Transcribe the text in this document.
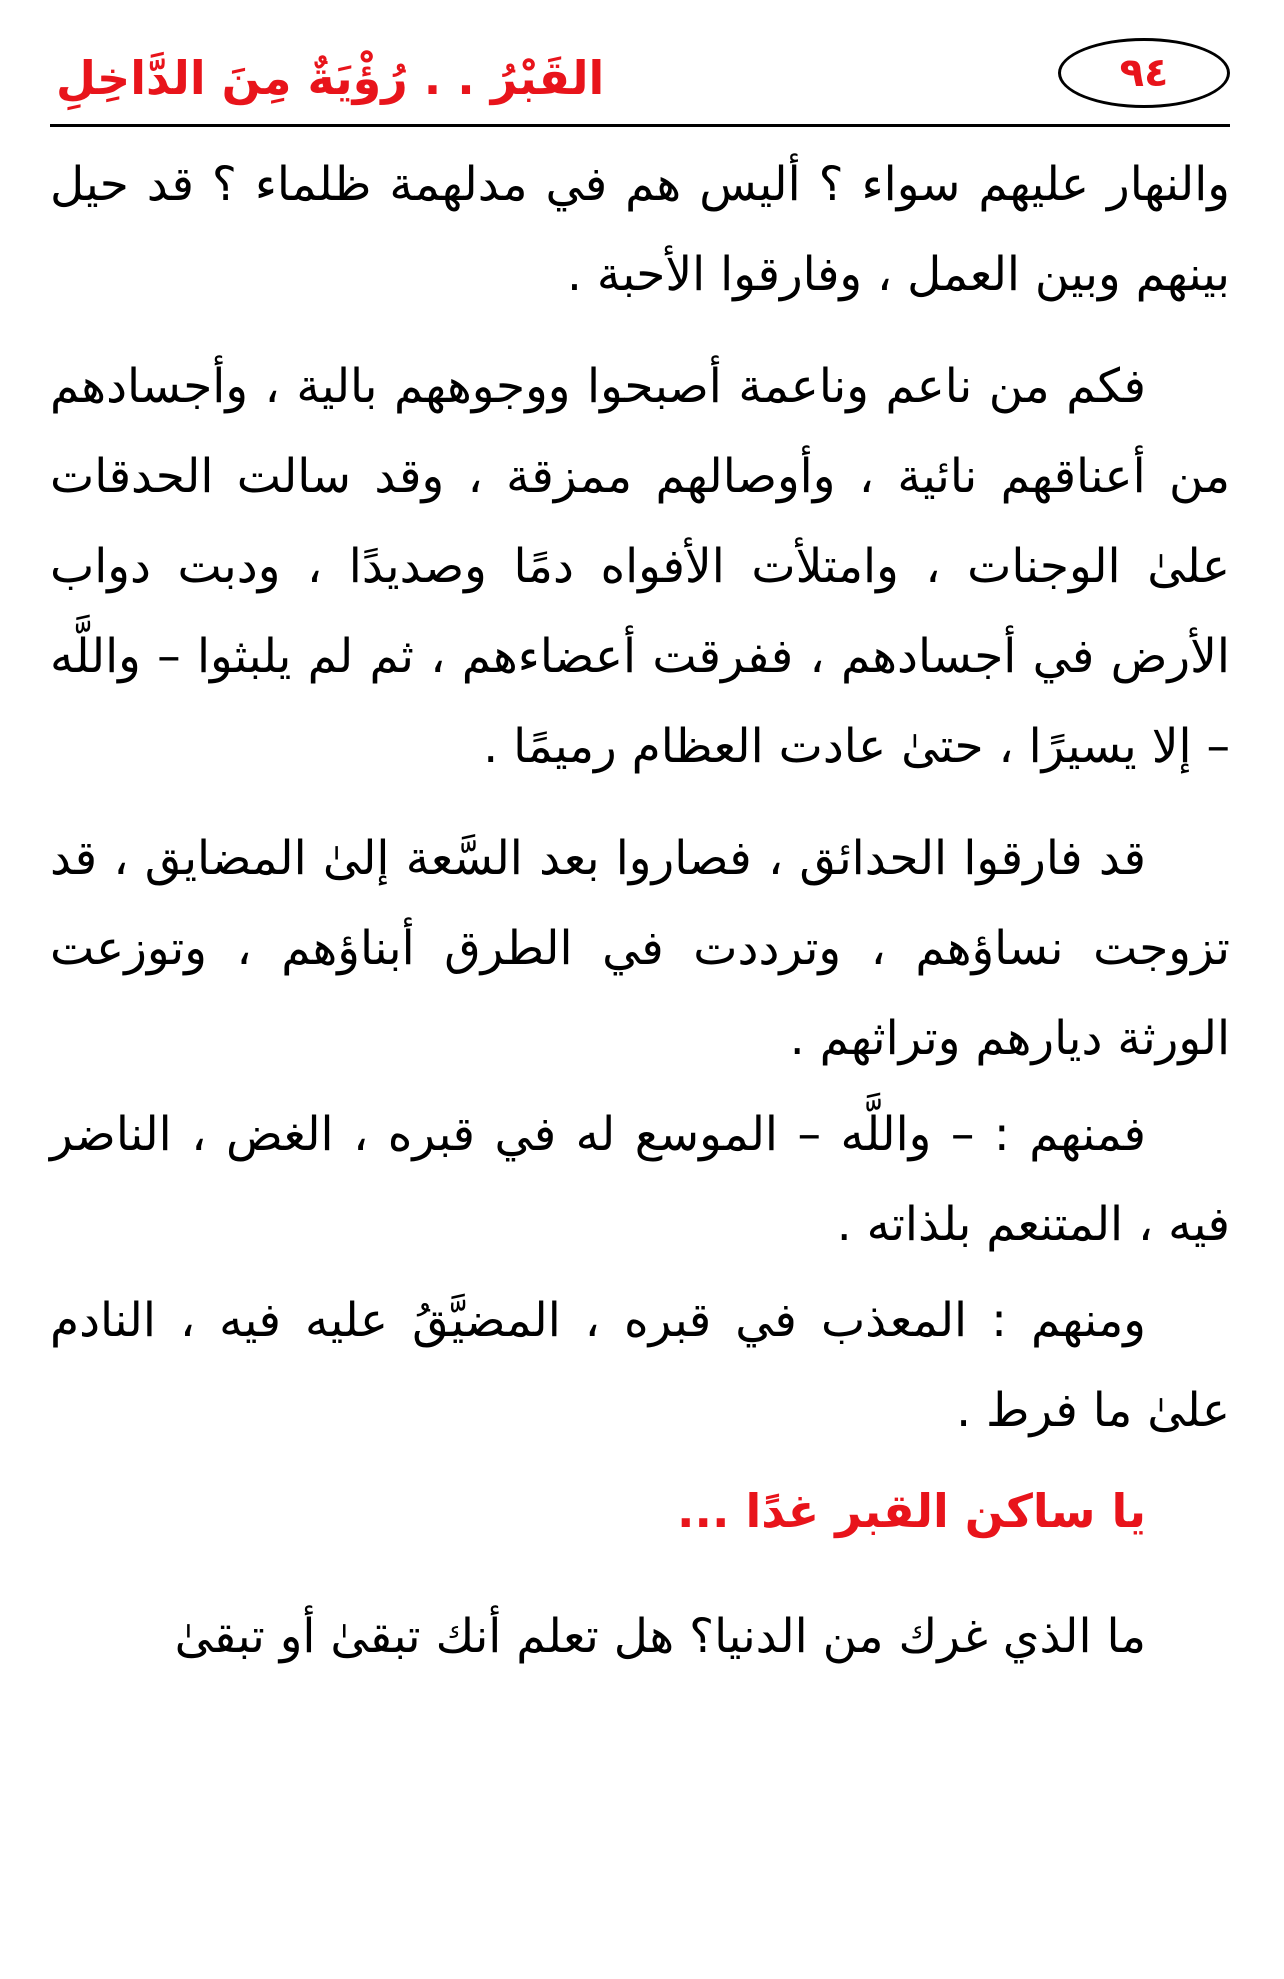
القَبْرُ . . رُؤْيَةٌ مِنَ الدَّاخِلِ	٩٤

والنهار عليهم سواء ؟ أليس هم في مدلهمة ظلماء ؟ قد حيل بينهم وبين العمل ، وفارقوا الأحبة .

فكم من ناعم وناعمة أصبحوا ووجوههم بالية ، وأجسادهم من أعناقهم نائية ، وأوصالهم ممزقة ، وقد سالت الحدقات علىٰ الوجنات ، وامتلأت الأفواه دمًا وصديدًا ، ودبت دواب الأرض في أجسادهم ، ففرقت أعضاءهم ، ثم لم يلبثوا – واللَّه – إلا يسيرًا ، حتىٰ عادت العظام رميمًا .

قد فارقوا الحدائق ، فصاروا بعد السَّعة إلىٰ المضايق ، قد تزوجت نساؤهم ، وترددت في الطرق أبناؤهم ، وتوزعت الورثة ديارهم وتراثهم .

فمنهم : – واللَّه – الموسع له في قبره ، الغض ، الناضر فيه ، المتنعم بلذاته .

ومنهم : المعذب في قبره ، المضيَّقُ عليه فيه ، النادم علىٰ ما فرط .

يا ساكن القبر غدًا ...

ما الذي غرك من الدنيا؟ هل تعلم أنك تبقىٰ أو تبقىٰ
